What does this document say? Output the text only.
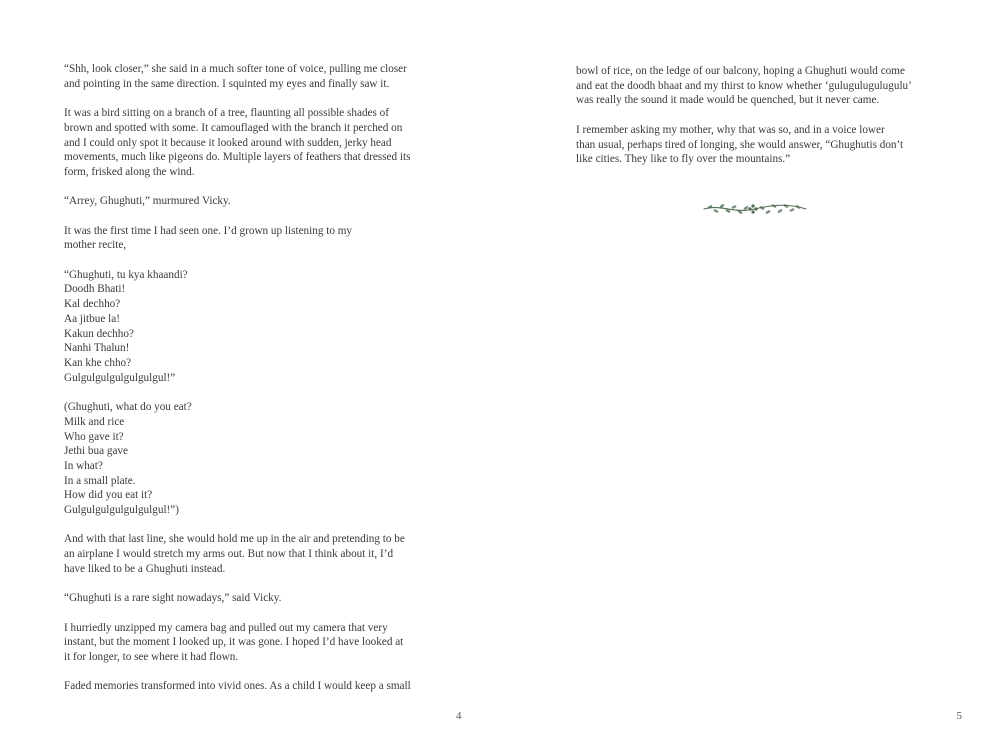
“Shh, look closer,” she said in a much softer tone of voice, pulling me closer
and pointing in the same direction. I squinted my eyes and finally saw it.

It was a bird sitting on a branch of a tree, flaunting all possible shades of
brown and spotted with some. It camouflaged with the branch it perched on
and I could only spot it because it looked around with sudden, jerky head
movements, much like pigeons do. Multiple layers of feathers that dressed its
form, frisked along the wind.

“Arrey, Ghughuti,” murmured Vicky.

It was the first time I had seen one. I’d grown up listening to my
mother recite,

“Ghughuti, tu kya khaandi?
Doodh Bhati!
Kal dechho?
Aa jitbue la!
Kakun dechho?
Nanhi Thalun!
Kan khe chho?
Gulgulgulgulgulgulgul!”

(Ghughuti, what do you eat?
Milk and rice
Who gave it?
Jethi bua gave
In what?
In a small plate.
How did you eat it?
Gulgulgulgulgulgulgul!”)

And with that last line, she would hold me up in the air and pretending to be
an airplane I would stretch my arms out. But now that I think about it, I’d
have liked to be a Ghughuti instead.

“Ghughuti is a rare sight nowadays,” said Vicky.

I hurriedly unzipped my camera bag and pulled out my camera that very
instant, but the moment I looked up, it was gone. I hoped I’d have looked at
it for longer, to see where it had flown.

Faded memories transformed into vivid ones. As a child I would keep a small

4

bowl of rice, on the ledge of our balcony, hoping a Ghughuti would come
and eat the doodh bhaat and my thirst to know whether ‘gulugulugulugulu’
was really the sound it made would be quenched, but it never came.

I remember asking my mother, why that was so, and in a voice lower
than usual, perhaps tired of longing, she would answer, “Ghughutis don’t
like cities. They like to fly over the mountains.”

5
